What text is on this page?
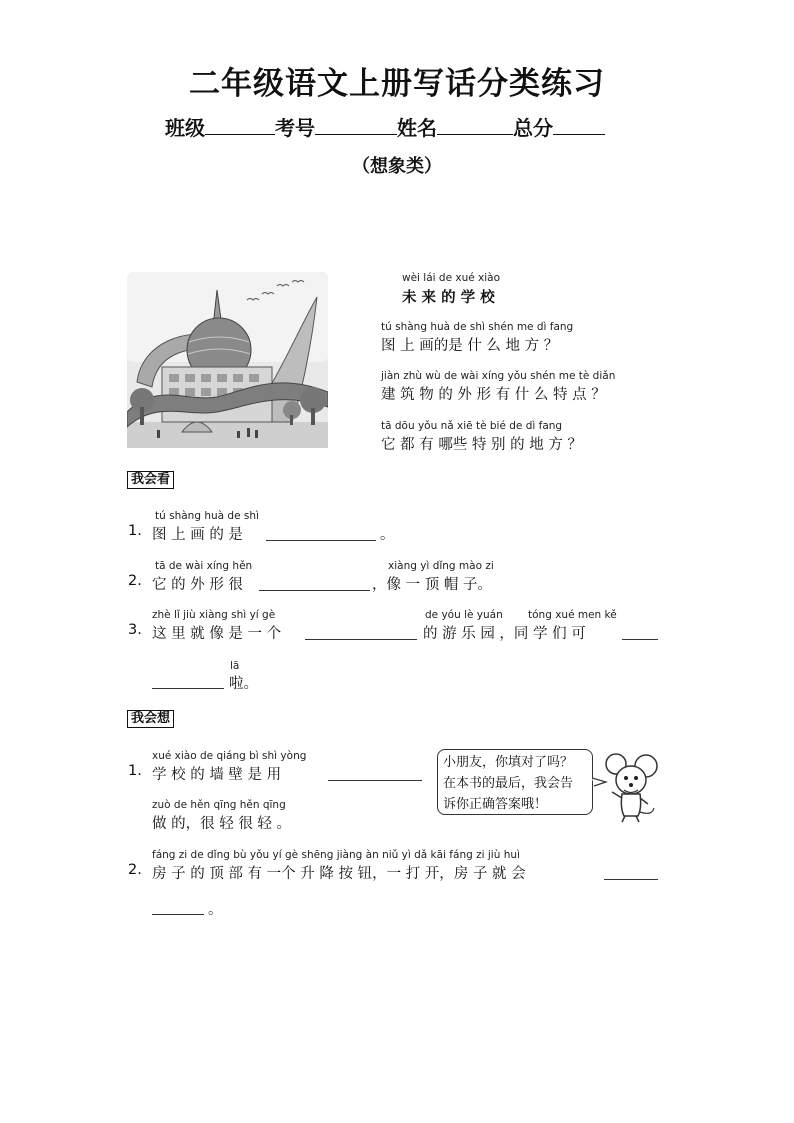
二年级语文上册写话分类练习
班级	考号	姓名	总分
（想象类）
wèi lái de xué xiào
未 来 的 学 校
tú shàng huà de shì shén me dì fang
图 上 画的是 什 么 地 方 ？
jiàn zhù wù de wài xíng yǒu shén me tè diǎn
建 筑 物 的 外 形 有 什 么 特 点 ？
tā dōu yǒu nǎ xiē tè bié de dì fang
它 都 有 哪些 特 别 的 地 方 ？
我会看
tú shàng huà de shì
1. 图 上 画 的 是	。
tā de wài xíng hěn	xiàng yì dǐng mào zi
2. 它 的 外 形 很	，像 一 顶 帽 子。
zhè lǐ jiù xiàng shì yí gè	de yóu lè yuán tóng xué men kě
3. 这 里 就 像 是 一 个	的 游 乐 园 ，同 学 们 可
lā
啦。
我会想
xué xiào de qiáng bì shì yòng
1. 学 校 的 墙 壁 是 用
zuò de hěn qīng hěn qīng
做 的，很 轻 很 轻 。
小朋友，你填对了吗？
在本书的最后，我会告
诉你正确答案哦！
fáng zi de dǐng bù yǒu yí gè shēng jiàng àn niǔ yì dǎ kāi fáng zi jiù huì
2. 房 子 的 顶 部 有 一个 升 降 按 钮，一 打 开，房 子 就 会
。
